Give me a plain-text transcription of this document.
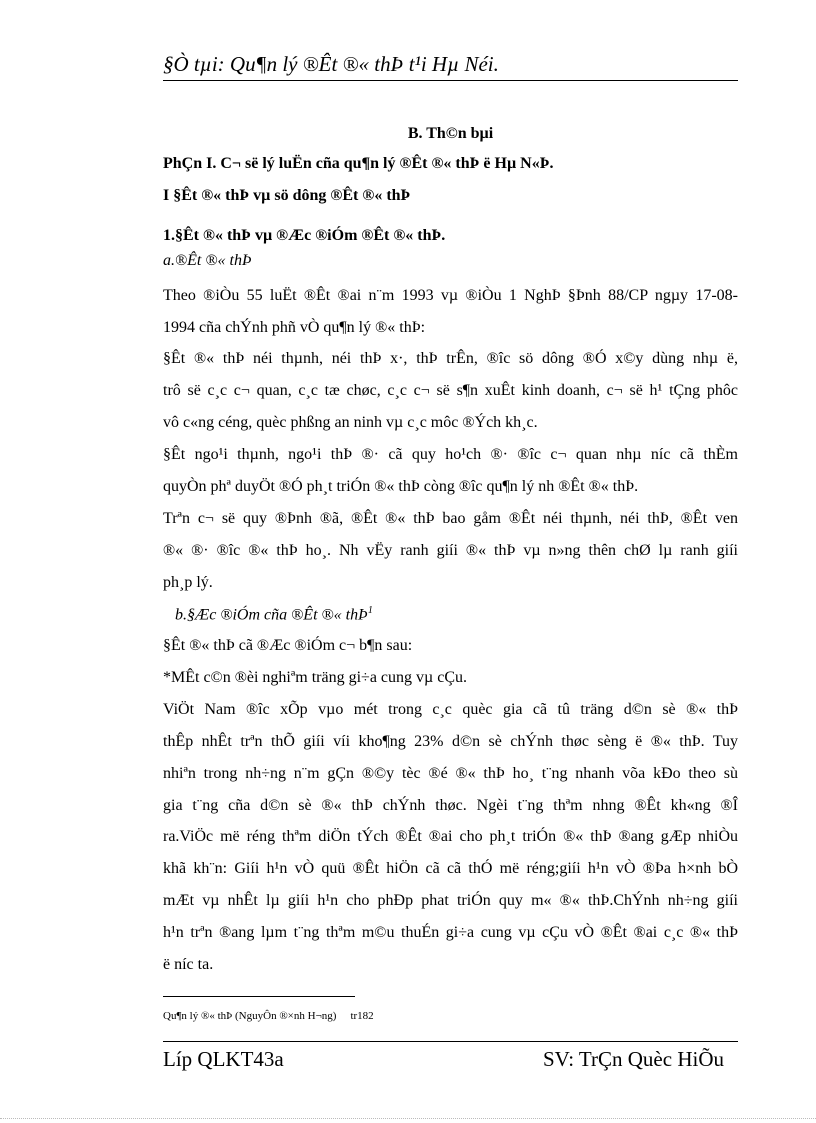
§Ò tµi: Qu¶n lý ®Êt ®« thÞ t¹i Hµ Néi.
B. Th©n bµi
PhÇn I. C¬ së lý luËn cña qu¶n lý ®Êt ®« thÞ ë Hµ N«Þ.
I §Êt ®« thÞ vµ sö dông ®Êt ®« thÞ
1.§Êt ®« thÞ vµ ®Æc ®iÓm ®Êt ®« thÞ.
a.®Êt ®« thÞ
Theo ®iÒu 55 luËt ®Êt ®ai n¨m 1993 vµ ®iÒu 1 NghÞ §Þnh 88/CP ngµy 17-08-
1994 cña chÝnh phñ vÒ qu¶n lý ®« thÞ:
§Êt ®« thÞ néi thµnh, néi thÞ x·, thÞ trÊn, ®îc sö dông ®Ó x©y dùng nhµ ë,
trô së c¸c c¬ quan, c¸c tæ chøc, c¸c c¬ së s¶n xuÊt kinh doanh, c¬ së h¹ tÇng phôc
vô c«ng céng, quèc phßng an ninh vµ c¸c môc ®Ých kh¸c.
§Êt ngo¹i thµnh, ngo¹i thÞ ®· cã quy ho¹ch ®· ®îc c¬ quan nhµ níc cã thÈm
quyÒn phª duyÖt ®Ó ph¸t triÓn ®« thÞ còng ®îc qu¶n lý nh ®Êt ®« thÞ.
Trªn c¬ së quy ®Þnh ®ã, ®Êt ®« thÞ bao gåm ®Êt néi thµnh, néi thÞ, ®Êt ven
®« ®· ®îc ®« thÞ ho¸. Nh vËy ranh giíi ®« thÞ vµ n»ng thên chØ lµ ranh giíi
ph¸p lý.
b.§Æc ®iÓm cña ®Êt ®« thÞ$^1$
§Êt ®« thÞ cã ®Æc ®iÓm c¬ b¶n sau:
*MÊt c©n ®èi nghiªm träng gi÷a cung vµ cÇu.
ViÖt Nam ®îc xÕp vµo mét trong c¸c quèc gia cã tû träng d©n sè ®« thÞ
thÊp nhÊt trªn thÕ giíi víi kho¶ng 23% d©n sè chÝnh thøc sèng ë ®« thÞ. Tuy
nhiªn trong nh÷ng n¨m gÇn ®©y tèc ®é ®« thÞ ho¸ t¨ng nhanh võa kÐo theo sù
gia t¨ng cña d©n sè ®« thÞ chÝnh thøc. Ngèi t¨ng thªm nhng ®Êt kh«ng ®Î
ra.ViÖc më réng thªm diÖn tÝch ®Êt ®ai cho ph¸t triÓn ®« thÞ ®ang gÆp nhiÒu
khã kh¨n: Giíi h¹n vÒ quü ®Êt hiÖn cã cã thÓ më réng;giíi h¹n vÒ ®Þa h×nh bÒ
mÆt vµ nhÊt lµ giíi h¹n cho phÐp phat triÓn quy m« ®« thÞ.ChÝnh nh÷ng giíi
h¹n trªn ®ang lµm t¨ng thªm m©u thuÉn gi÷a cung vµ cÇu vÒ ®Êt ®ai c¸c ®« thÞ
ë níc ta.
Qu¶n lý ®« thÞ (NguyÔn ®×nh H¬ng) tr182
Líp QLKT43a	SV: TrÇn Quèc HiÕu
